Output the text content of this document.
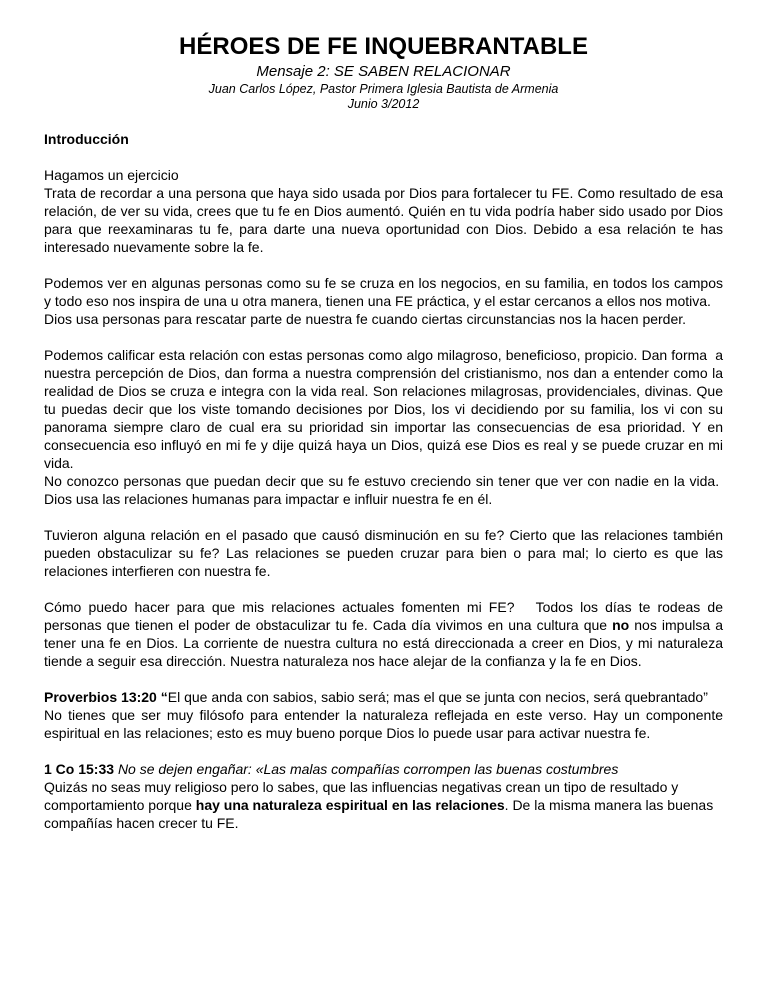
HÉROES DE FE INQUEBRANTABLE
Mensaje 2: SE SABEN RELACIONAR
Juan Carlos López, Pastor Primera Iglesia Bautista de Armenia
Junio 3/2012
Introducción

Hagamos un ejercicio

Trata de recordar a una persona que haya sido usada por Dios para fortalecer tu FE. Como resultado de esa relación, de ver su vida, crees que tu fe en Dios aumentó. Quién en tu vida podría haber sido usado por Dios para que reexaminaras tu fe, para darte una nueva oportunidad con Dios. Debido a esa relación te has interesado nuevamente sobre la fe.

Podemos ver en algunas personas como su fe se cruza en los negocios, en su familia, en todos los campos y todo eso nos inspira de una u otra manera, tienen una FE práctica, y el estar cercanos a ellos nos motiva.

Dios usa personas para rescatar parte de nuestra fe cuando ciertas circunstancias nos la hacen perder.

Podemos calificar esta relación con estas personas como algo milagroso, beneficioso, propicio. Dan forma  a nuestra percepción de Dios, dan forma a nuestra comprensión del cristianismo, nos dan a entender como la realidad de Dios se cruza e integra con la vida real. Son relaciones milagrosas, providenciales, divinas. Que tu puedas decir que los viste tomando decisiones por Dios, los vi decidiendo por su familia, los vi con su panorama siempre claro de cual era su prioridad sin importar las consecuencias de esa prioridad. Y en consecuencia eso influyó en mi fe y dije quizá haya un Dios, quizá ese Dios es real y se puede cruzar en mi vida.

No conozco personas que puedan decir que su fe estuvo creciendo sin tener que ver con nadie en la vida.  Dios usa las relaciones humanas para impactar e influir nuestra fe en él.

Tuvieron alguna relación en el pasado que causó disminución en su fe? Cierto que las relaciones también pueden obstaculizar su fe? Las relaciones se pueden cruzar para bien o para mal; lo cierto es que las relaciones interfieren con nuestra fe.

Cómo puedo hacer para que mis relaciones actuales fomenten mi FE?   Todos los días te rodeas de personas que tienen el poder de obstaculizar tu fe. Cada día vivimos en una cultura que no nos impulsa a tener una fe en Dios. La corriente de nuestra cultura no está direccionada a creer en Dios, y mi naturaleza tiende a seguir esa dirección. Nuestra naturaleza nos hace alejar de la confianza y la fe en Dios.

Proverbios 13:20 “El que anda con sabios, sabio será; mas el que se junta con necios, será quebrantado”

No tienes que ser muy filósofo para entender la naturaleza reflejada en este verso. Hay un componente espiritual en las relaciones; esto es muy bueno porque Dios lo puede usar para activar nuestra fe.

1 Co 15:33 No se dejen engañar: «Las malas compañías corrompen las buenas costumbres

Quizás no seas muy religioso pero lo sabes, que las influencias negativas crean un tipo de resultado y comportamiento porque hay una naturaleza espiritual en las relaciones. De la misma manera las buenas compañías hacen crecer tu FE.
